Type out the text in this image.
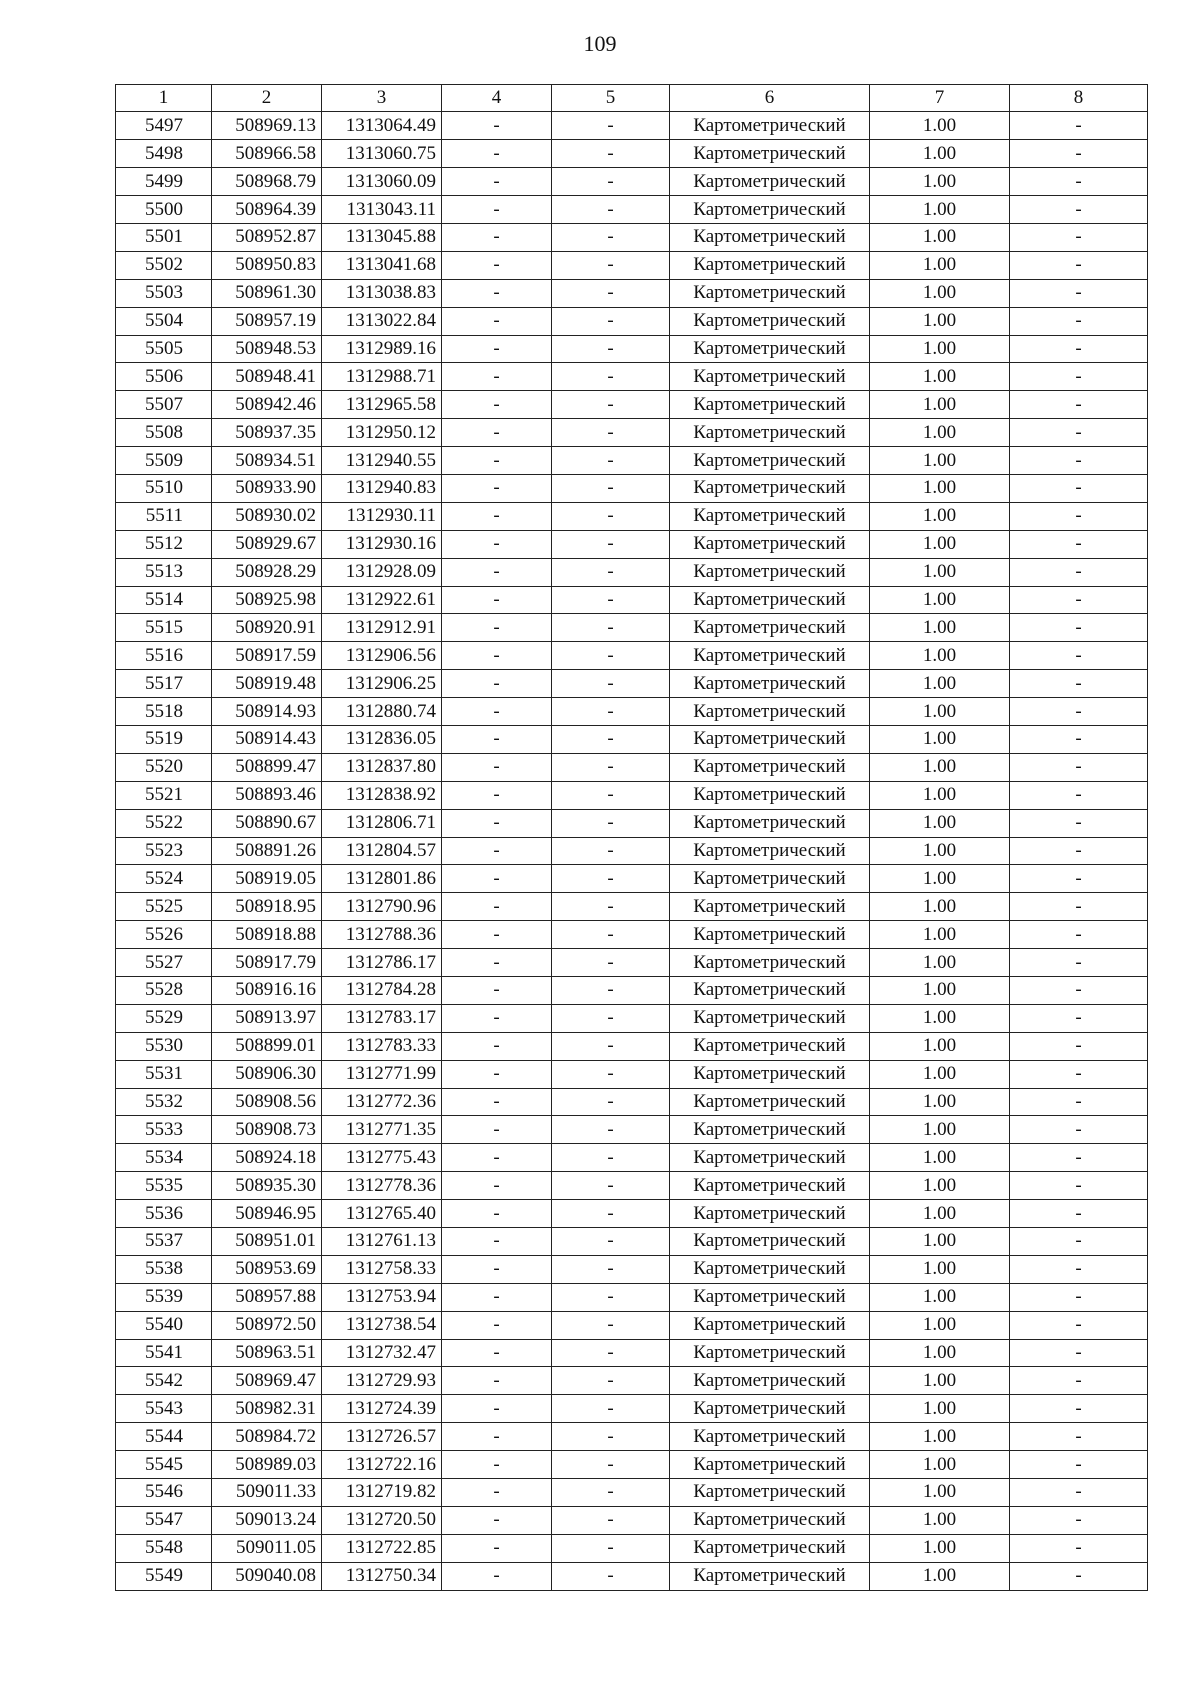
109
1	2	3	4	5	6	7	8
5497	508969.13	1313064.49	-	-	Картометрический	1.00	-
5498	508966.58	1313060.75	-	-	Картометрический	1.00	-
5499	508968.79	1313060.09	-	-	Картометрический	1.00	-
5500	508964.39	1313043.11	-	-	Картометрический	1.00	-
5501	508952.87	1313045.88	-	-	Картометрический	1.00	-
5502	508950.83	1313041.68	-	-	Картометрический	1.00	-
5503	508961.30	1313038.83	-	-	Картометрический	1.00	-
5504	508957.19	1313022.84	-	-	Картометрический	1.00	-
5505	508948.53	1312989.16	-	-	Картометрический	1.00	-
5506	508948.41	1312988.71	-	-	Картометрический	1.00	-
5507	508942.46	1312965.58	-	-	Картометрический	1.00	-
5508	508937.35	1312950.12	-	-	Картометрический	1.00	-
5509	508934.51	1312940.55	-	-	Картометрический	1.00	-
5510	508933.90	1312940.83	-	-	Картометрический	1.00	-
5511	508930.02	1312930.11	-	-	Картометрический	1.00	-
5512	508929.67	1312930.16	-	-	Картометрический	1.00	-
5513	508928.29	1312928.09	-	-	Картометрический	1.00	-
5514	508925.98	1312922.61	-	-	Картометрический	1.00	-
5515	508920.91	1312912.91	-	-	Картометрический	1.00	-
5516	508917.59	1312906.56	-	-	Картометрический	1.00	-
5517	508919.48	1312906.25	-	-	Картометрический	1.00	-
5518	508914.93	1312880.74	-	-	Картометрический	1.00	-
5519	508914.43	1312836.05	-	-	Картометрический	1.00	-
5520	508899.47	1312837.80	-	-	Картометрический	1.00	-
5521	508893.46	1312838.92	-	-	Картометрический	1.00	-
5522	508890.67	1312806.71	-	-	Картометрический	1.00	-
5523	508891.26	1312804.57	-	-	Картометрический	1.00	-
5524	508919.05	1312801.86	-	-	Картометрический	1.00	-
5525	508918.95	1312790.96	-	-	Картометрический	1.00	-
5526	508918.88	1312788.36	-	-	Картометрический	1.00	-
5527	508917.79	1312786.17	-	-	Картометрический	1.00	-
5528	508916.16	1312784.28	-	-	Картометрический	1.00	-
5529	508913.97	1312783.17	-	-	Картометрический	1.00	-
5530	508899.01	1312783.33	-	-	Картометрический	1.00	-
5531	508906.30	1312771.99	-	-	Картометрический	1.00	-
5532	508908.56	1312772.36	-	-	Картометрический	1.00	-
5533	508908.73	1312771.35	-	-	Картометрический	1.00	-
5534	508924.18	1312775.43	-	-	Картометрический	1.00	-
5535	508935.30	1312778.36	-	-	Картометрический	1.00	-
5536	508946.95	1312765.40	-	-	Картометрический	1.00	-
5537	508951.01	1312761.13	-	-	Картометрический	1.00	-
5538	508953.69	1312758.33	-	-	Картометрический	1.00	-
5539	508957.88	1312753.94	-	-	Картометрический	1.00	-
5540	508972.50	1312738.54	-	-	Картометрический	1.00	-
5541	508963.51	1312732.47	-	-	Картометрический	1.00	-
5542	508969.47	1312729.93	-	-	Картометрический	1.00	-
5543	508982.31	1312724.39	-	-	Картометрический	1.00	-
5544	508984.72	1312726.57	-	-	Картометрический	1.00	-
5545	508989.03	1312722.16	-	-	Картометрический	1.00	-
5546	509011.33	1312719.82	-	-	Картометрический	1.00	-
5547	509013.24	1312720.50	-	-	Картометрический	1.00	-
5548	509011.05	1312722.85	-	-	Картометрический	1.00	-
5549	509040.08	1312750.34	-	-	Картометрический	1.00	-
